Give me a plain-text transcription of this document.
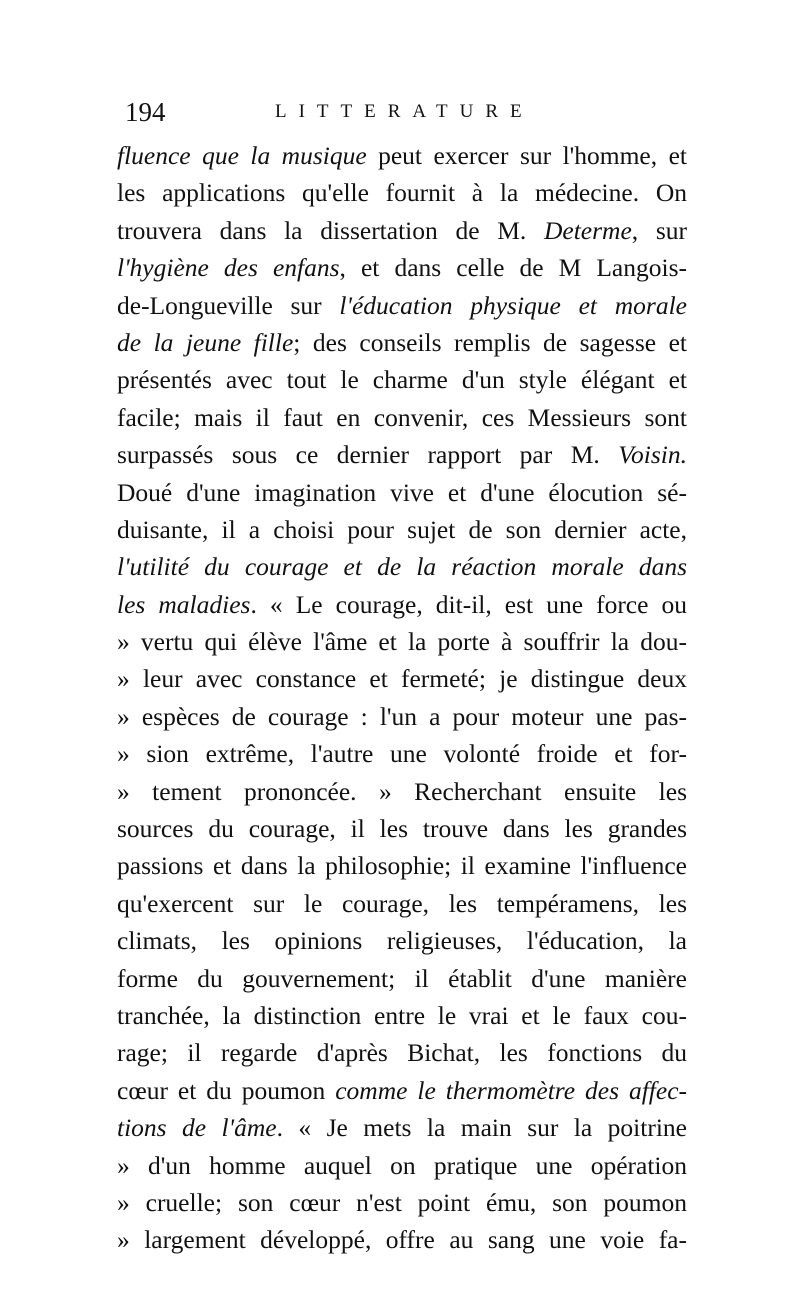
194	LITTERATURE
fluence que la musique peut exercer sur l'homme, et
les applications qu'elle fournit à la médecine. On
trouvera dans la dissertation de M. Determe, sur
l'hygiène des enfans, et dans celle de M Langois-
de-Longueville sur l'éducation physique et morale
de la jeune fille; des conseils remplis de sagesse et
présentés avec tout le charme d'un style élégant et
facile; mais il faut en convenir, ces Messieurs sont
surpassés sous ce dernier rapport par M. Voisin.
Doué d'une imagination vive et d'une élocution sé-
duisante, il a choisi pour sujet de son dernier acte,
l'utilité du courage et de la réaction morale dans
les maladies. « Le courage, dit-il, est une force ou
» vertu qui élève l'âme et la porte à souffrir la dou-
» leur avec constance et fermeté; je distingue deux
» espèces de courage : l'un a pour moteur une pas-
» sion extrême, l'autre une volonté froide et for-
» tement prononcée. » Recherchant ensuite les
sources du courage, il les trouve dans les grandes
passions et dans la philosophie; il examine l'influence
qu'exercent sur le courage, les tempéramens, les
climats, les opinions religieuses, l'éducation, la
forme du gouvernement; il établit d'une manière
tranchée, la distinction entre le vrai et le faux cou-
rage; il regarde d'après Bichat, les fonctions du
cœur et du poumon comme le thermomètre des affec-
tions de l'âme. « Je mets la main sur la poitrine
» d'un homme auquel on pratique une opération
» cruelle; son cœur n'est point ému, son poumon
» largement développé, offre au sang une voie fa-
